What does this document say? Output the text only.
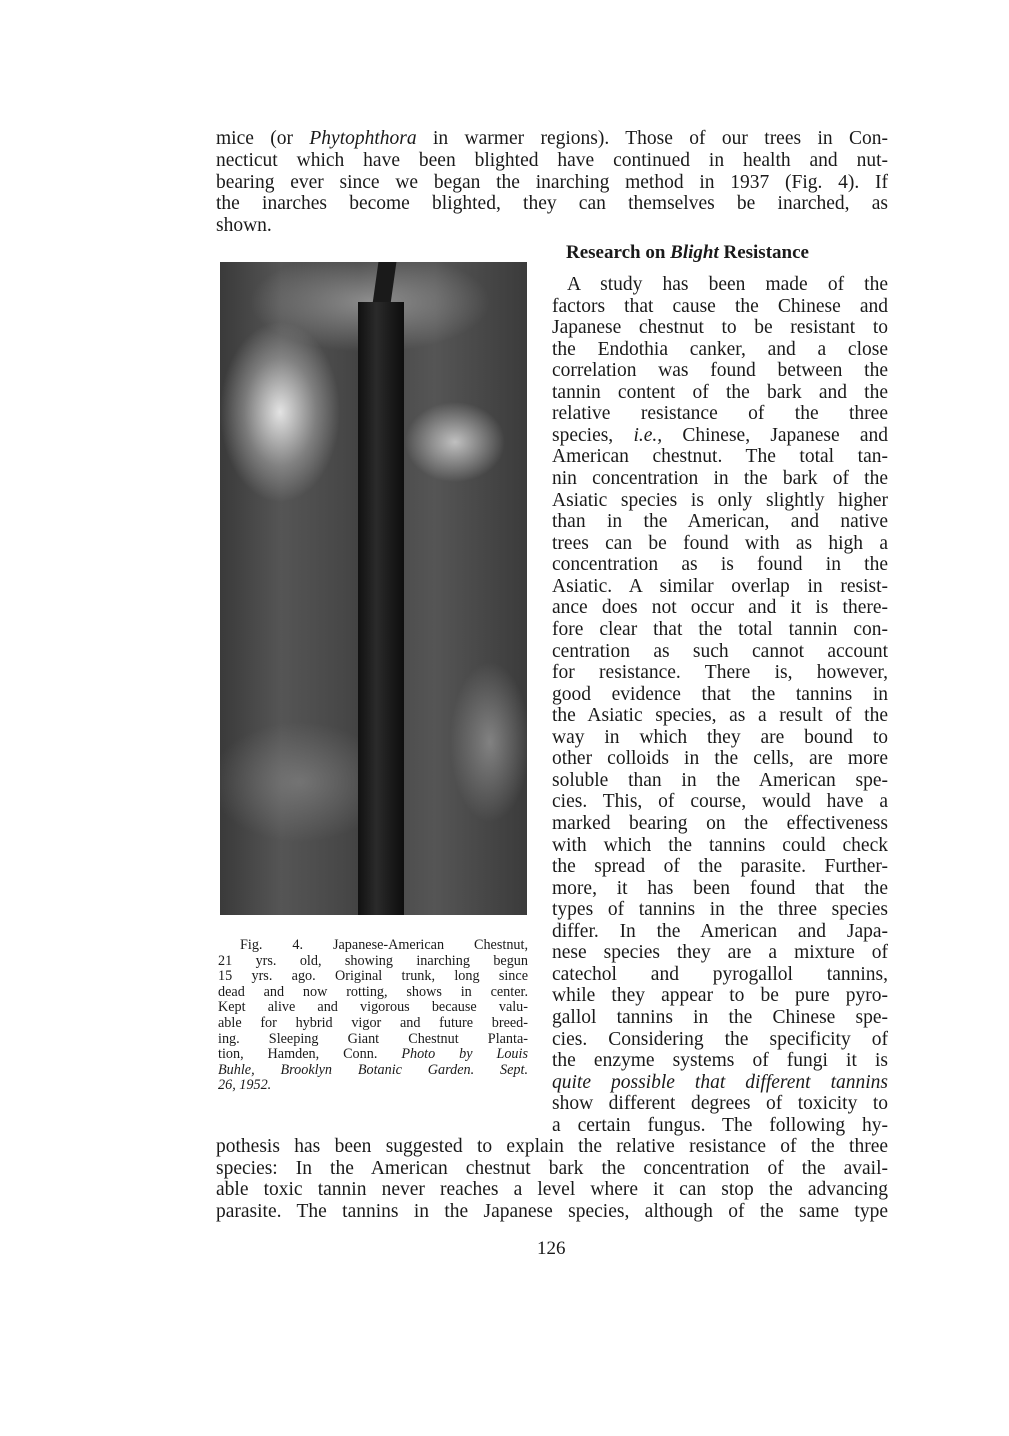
mice (or Phytophthora in warmer regions). Those of our trees in Con-
necticut which have been blighted have continued in health and nut-
bearing ever since we began the inarching method in 1937 (Fig. 4). If
the inarches become blighted, they can themselves be inarched, as
shown.
Research on Blight Resistance
Fig. 4. Japanese-American Chestnut,
21 yrs. old, showing inarching begun
15 yrs. ago. Original trunk, long since
dead and now rotting, shows in center.
Kept alive and vigorous because valu-
able for hybrid vigor and future breed-
ing. Sleeping Giant Chestnut Planta-
tion, Hamden, Conn. Photo by Louis
Buhle, Brooklyn Botanic Garden. Sept.
26, 1952.
A study has been made of the
factors that cause the Chinese and
Japanese chestnut to be resistant to
the Endothia canker, and a close
correlation was found between the
tannin content of the bark and the
relative resistance of the three
species, i.e., Chinese, Japanese and
American chestnut. The total tan-
nin concentration in the bark of the
Asiatic species is only slightly higher
than in the American, and native
trees can be found with as high a
concentration as is found in the
Asiatic. A similar overlap in resist-
ance does not occur and it is there-
fore clear that the total tannin con-
centration as such cannot account
for resistance. There is, however,
good evidence that the tannins in
the Asiatic species, as a result of the
way in which they are bound to
other colloids in the cells, are more
soluble than in the American spe-
cies. This, of course, would have a
marked bearing on the effectiveness
with which the tannins could check
the spread of the parasite. Further-
more, it has been found that the
types of tannins in the three species
differ. In the American and Japa-
nese species they are a mixture of
catechol and pyrogallol tannins,
while they appear to be pure pyro-
gallol tannins in the Chinese spe-
cies. Considering the specificity of
the enzyme systems of fungi it is
quite possible that different tannins
show different degrees of toxicity to
a certain fungus. The following hy-
pothesis has been suggested to explain the relative resistance of the three
species: In the American chestnut bark the concentration of the avail-
able toxic tannin never reaches a level where it can stop the advancing
parasite. The tannins in the Japanese species, although of the same type
126
